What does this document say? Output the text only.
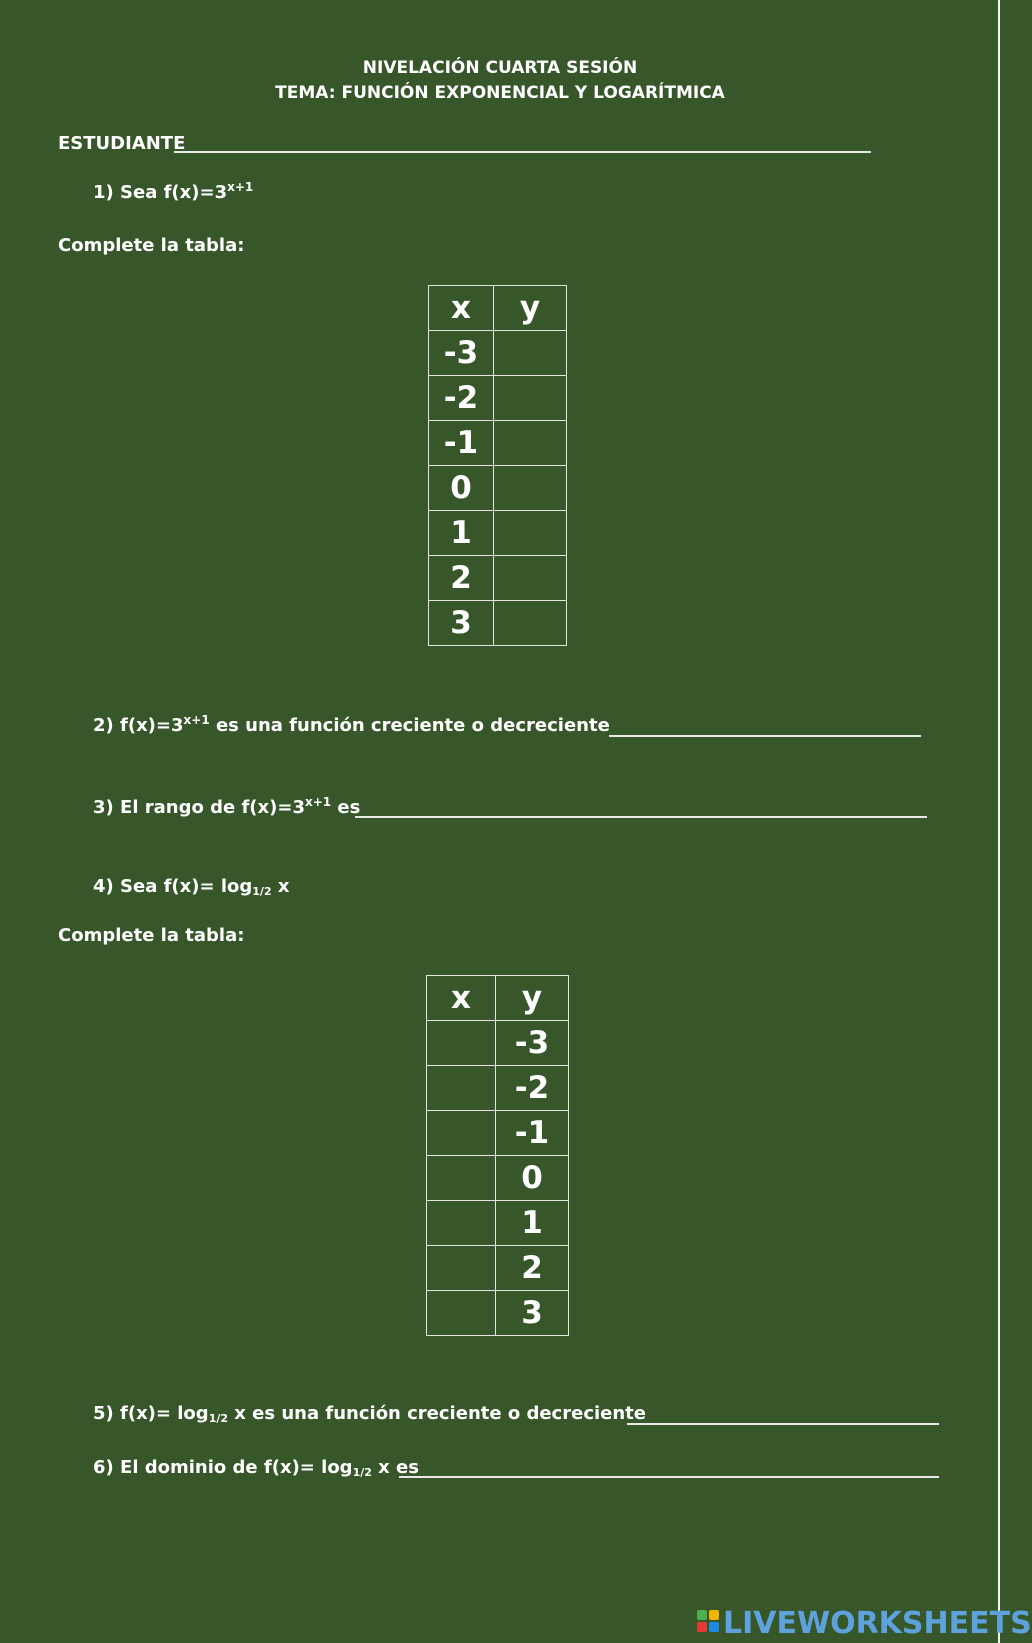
NIVELACIÓN CUARTA SESIÓN
TEMA: FUNCIÓN EXPONENCIAL Y LOGARÍTMICA
ESTUDIANTE
1) Sea $f(x)=3^{x+1}$
Complete la tabla:
x	y
-3	
-2	
-1	
0	
1	
2	
3	
2) $f(x)=3^{x+1}$ es una función creciente o decreciente
3) El rango de $f(x)=3^{x+1}$ es
4) Sea $f(x)= \log_{1/2} x$
Complete la tabla:
x	y
	-3
	-2
	-1
	0
	1
	2
	3
5) $f(x)= \log_{1/2} x$ es una función creciente o decreciente
6) El dominio de $f(x)= \log_{1/2} x$ es
LIVEWORKSHEETS
